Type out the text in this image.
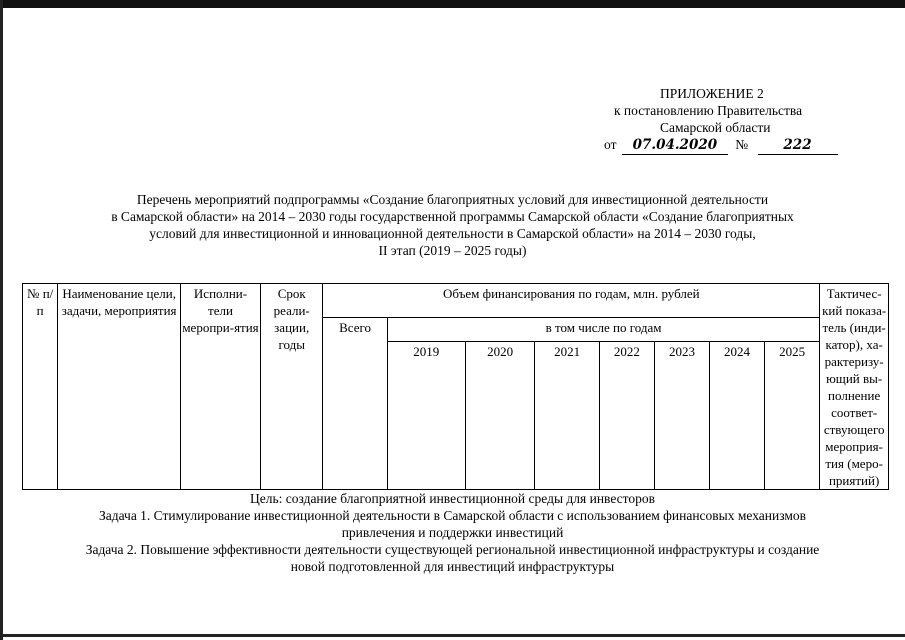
ПРИЛОЖЕНИЕ 2
к постановлению Правительства
Самарской области
от 07.04.2020 №	222
Перечень мероприятий подпрограммы «Создание благоприятных условий для инвестиционной деятельности
в Самарской области» на 2014 – 2030 годы государственной программы Самарской области «Создание благоприятных
условий для инвестиционной и инновационной деятельности в Самарской области» на 2014 – 2030 годы,
II этап (2019 – 2025 годы)
№ п/п	Наименование цели, задачи, мероприятия	Исполни-тели меропри-ятия	Срок реали-зации, годы	Объем финансирования по годам, млн. рублей								Тактичес-кий показа-тель (инди-катор), ха-рактеризу-ющий вы-полнение соответ-ствующего мероприя-тия (меро-приятий)
				Всего	в том числе по годам							
					2019	2020	2021	2022	2023	2024	2025	
Цель: создание благоприятной инвестиционной среды для инвесторов
Задача 1. Стимулирование инвестиционной деятельности в Самарской области с использованием финансовых механизмов
привлечения и поддержки инвестиций
Задача 2. Повышение эффективности деятельности существующей региональной инвестиционной инфраструктуры и создание
новой подготовленной для инвестиций инфраструктуры
